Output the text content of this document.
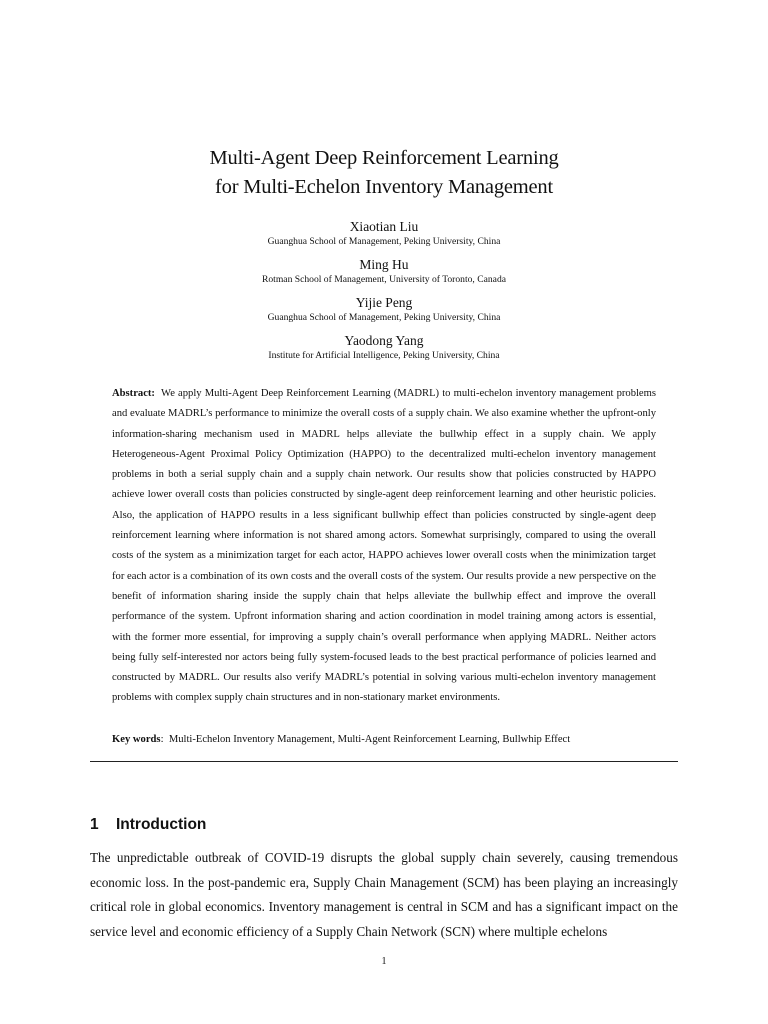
Multi-Agent Deep Reinforcement Learning

for Multi-Echelon Inventory Management

Xiaotian Liu
Guanghua School of Management, Peking University, China
Ming Hu
Rotman School of Management, University of Toronto, Canada
Yijie Peng
Guanghua School of Management, Peking University, China
Yaodong Yang
Institute for Artificial Intelligence, Peking University, China

Abstract: We apply Multi-Agent Deep Reinforcement Learning (MADRL) to multi-echelon inventory management problems and evaluate MADRL’s performance to minimize the overall costs of a supply chain. We also examine whether the upfront-only information-sharing mechanism used in MADRL helps alleviate the bullwhip effect in a supply chain. We apply Heterogeneous-Agent Proximal Policy Optimization (HAPPO) to the decentralized multi-echelon inventory management problems in both a serial supply chain and a supply chain network. Our results show that policies constructed by HAPPO achieve lower overall costs than policies constructed by single-agent deep reinforcement learning and other heuristic policies. Also, the application of HAPPO results in a less significant bullwhip effect than policies constructed by single-agent deep reinforcement learning where information is not shared among actors. Somewhat surprisingly, compared to using the overall costs of the system as a minimization target for each actor, HAPPO achieves lower overall costs when the minimization target for each actor is a combination of its own costs and the overall costs of the system. Our results provide a new perspective on the benefit of information sharing inside the supply chain that helps alleviate the bullwhip effect and improve the overall performance of the system. Upfront information sharing and action coordination in model training among actors is essential, with the former more essential, for improving a supply chain’s overall performance when applying MADRL. Neither actors being fully self-interested nor actors being fully system-focused leads to the best practical performance of policies learned and constructed by MADRL. Our results also verify MADRL’s potential in solving various multi-echelon inventory management problems with complex supply chain structures and in non-stationary market environments.

Key words: Multi-Echelon Inventory Management, Multi-Agent Reinforcement Learning, Bullwhip Effect
1 Introduction

The unpredictable outbreak of COVID-19 disrupts the global supply chain severely, causing tremendous economic loss. In the post-pandemic era, Supply Chain Management (SCM) has been playing an increasingly critical role in global economics. Inventory management is central in SCM and has a significant impact on the service level and economic efficiency of a Supply Chain Network (SCN) where multiple echelons

1
